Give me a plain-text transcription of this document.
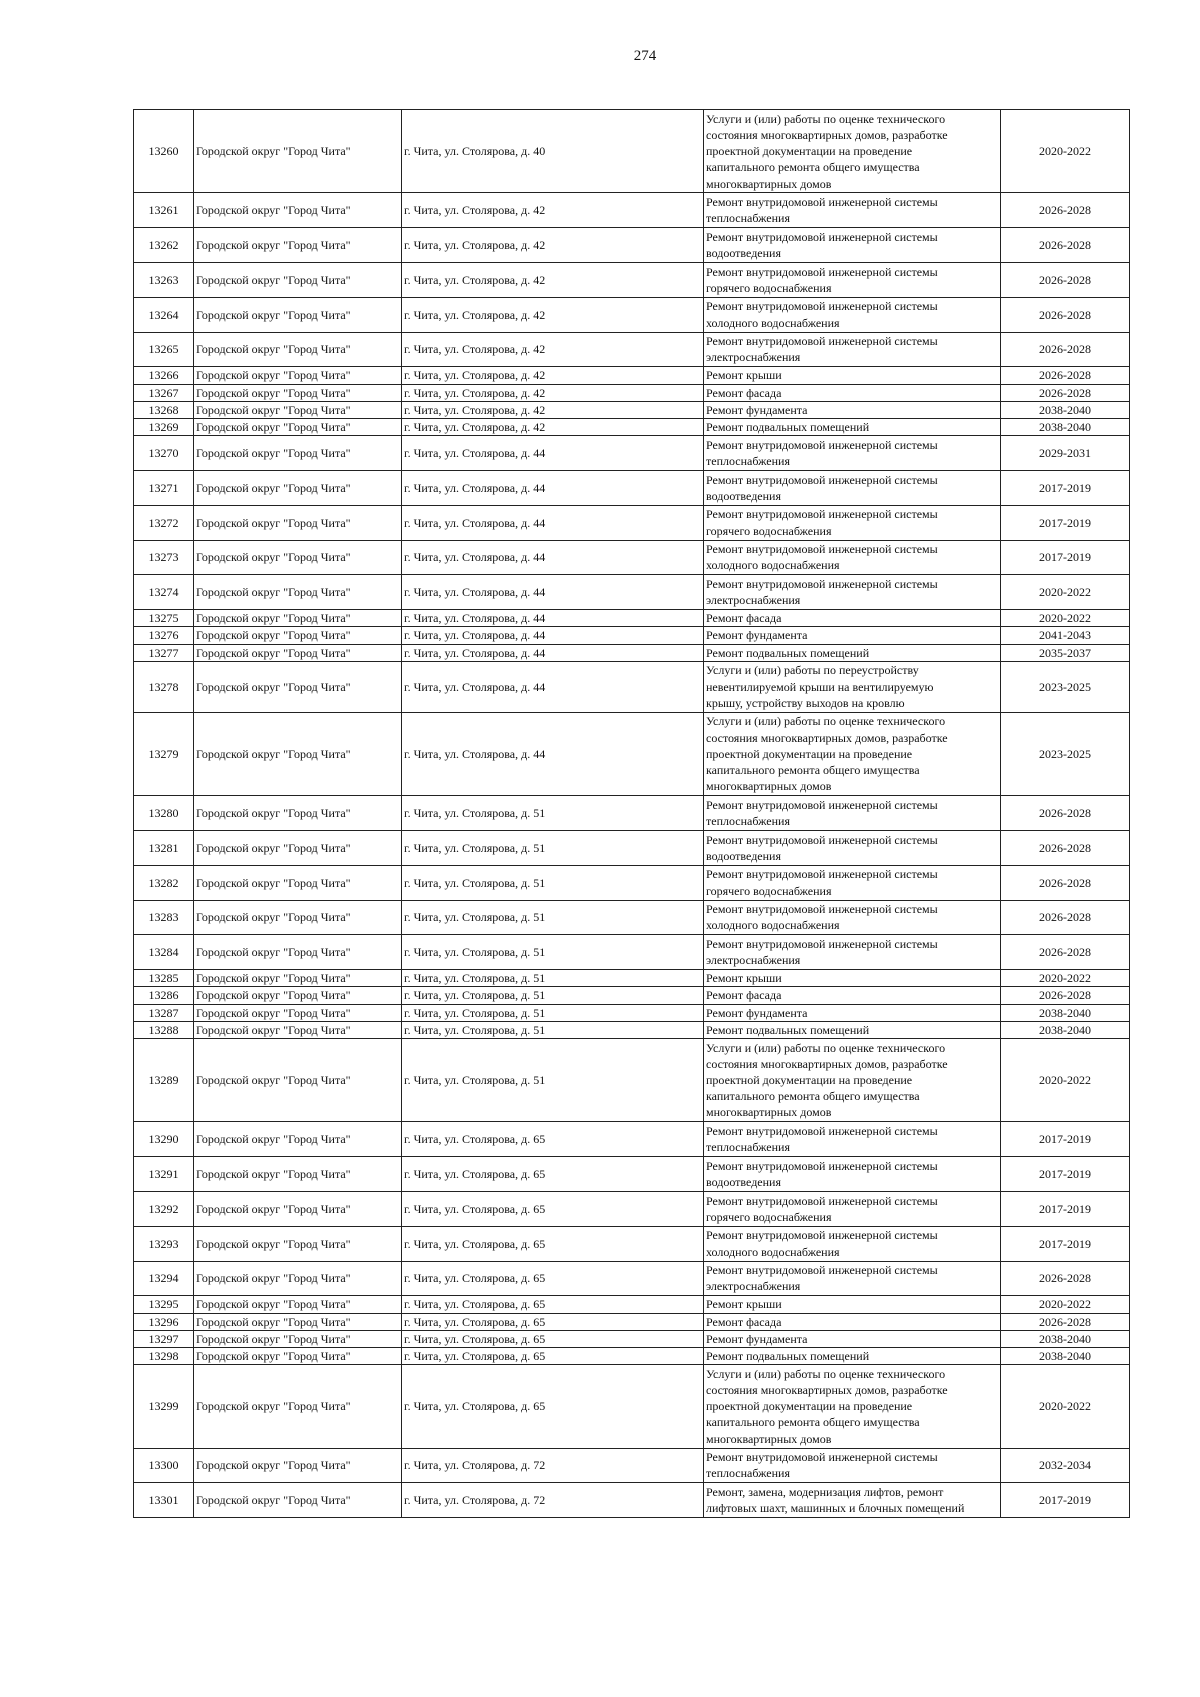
274
13260	Городской округ "Город Чита"	г. Чита, ул. Столярова, д. 40	Услуги и (или) работы по оценке технического
состояния многоквартирных домов, разработке
проектной документации на проведение
капитального ремонта общего имущества
многоквартирных домов	2020-2022
13261	Городской округ "Город Чита"	г. Чита, ул. Столярова, д. 42	Ремонт внутридомовой инженерной системы
теплоснабжения	2026-2028
13262	Городской округ "Город Чита"	г. Чита, ул. Столярова, д. 42	Ремонт внутридомовой инженерной системы
водоотведения	2026-2028
13263	Городской округ "Город Чита"	г. Чита, ул. Столярова, д. 42	Ремонт внутридомовой инженерной системы
горячего водоснабжения	2026-2028
13264	Городской округ "Город Чита"	г. Чита, ул. Столярова, д. 42	Ремонт внутридомовой инженерной системы
холодного водоснабжения	2026-2028
13265	Городской округ "Город Чита"	г. Чита, ул. Столярова, д. 42	Ремонт внутридомовой инженерной системы
электроснабжения	2026-2028
13266	Городской округ "Город Чита"	г. Чита, ул. Столярова, д. 42	Ремонт крыши	2026-2028
13267	Городской округ "Город Чита"	г. Чита, ул. Столярова, д. 42	Ремонт фасада	2026-2028
13268	Городской округ "Город Чита"	г. Чита, ул. Столярова, д. 42	Ремонт фундамента	2038-2040
13269	Городской округ "Город Чита"	г. Чита, ул. Столярова, д. 42	Ремонт подвальных помещений	2038-2040
13270	Городской округ "Город Чита"	г. Чита, ул. Столярова, д. 44	Ремонт внутридомовой инженерной системы
теплоснабжения	2029-2031
13271	Городской округ "Город Чита"	г. Чита, ул. Столярова, д. 44	Ремонт внутридомовой инженерной системы
водоотведения	2017-2019
13272	Городской округ "Город Чита"	г. Чита, ул. Столярова, д. 44	Ремонт внутридомовой инженерной системы
горячего водоснабжения	2017-2019
13273	Городской округ "Город Чита"	г. Чита, ул. Столярова, д. 44	Ремонт внутридомовой инженерной системы
холодного водоснабжения	2017-2019
13274	Городской округ "Город Чита"	г. Чита, ул. Столярова, д. 44	Ремонт внутридомовой инженерной системы
электроснабжения	2020-2022
13275	Городской округ "Город Чита"	г. Чита, ул. Столярова, д. 44	Ремонт фасада	2020-2022
13276	Городской округ "Город Чита"	г. Чита, ул. Столярова, д. 44	Ремонт фундамента	2041-2043
13277	Городской округ "Город Чита"	г. Чита, ул. Столярова, д. 44	Ремонт подвальных помещений	2035-2037
13278	Городской округ "Город Чита"	г. Чита, ул. Столярова, д. 44	Услуги и (или) работы по переустройству
невентилируемой крыши на вентилируемую
крышу, устройству выходов на кровлю	2023-2025
13279	Городской округ "Город Чита"	г. Чита, ул. Столярова, д. 44	Услуги и (или) работы по оценке технического
состояния многоквартирных домов, разработке
проектной документации на проведение
капитального ремонта общего имущества
многоквартирных домов	2023-2025
13280	Городской округ "Город Чита"	г. Чита, ул. Столярова, д. 51	Ремонт внутридомовой инженерной системы
теплоснабжения	2026-2028
13281	Городской округ "Город Чита"	г. Чита, ул. Столярова, д. 51	Ремонт внутридомовой инженерной системы
водоотведения	2026-2028
13282	Городской округ "Город Чита"	г. Чита, ул. Столярова, д. 51	Ремонт внутридомовой инженерной системы
горячего водоснабжения	2026-2028
13283	Городской округ "Город Чита"	г. Чита, ул. Столярова, д. 51	Ремонт внутридомовой инженерной системы
холодного водоснабжения	2026-2028
13284	Городской округ "Город Чита"	г. Чита, ул. Столярова, д. 51	Ремонт внутридомовой инженерной системы
электроснабжения	2026-2028
13285	Городской округ "Город Чита"	г. Чита, ул. Столярова, д. 51	Ремонт крыши	2020-2022
13286	Городской округ "Город Чита"	г. Чита, ул. Столярова, д. 51	Ремонт фасада	2026-2028
13287	Городской округ "Город Чита"	г. Чита, ул. Столярова, д. 51	Ремонт фундамента	2038-2040
13288	Городской округ "Город Чита"	г. Чита, ул. Столярова, д. 51	Ремонт подвальных помещений	2038-2040
13289	Городской округ "Город Чита"	г. Чита, ул. Столярова, д. 51	Услуги и (или) работы по оценке технического
состояния многоквартирных домов, разработке
проектной документации на проведение
капитального ремонта общего имущества
многоквартирных домов	2020-2022
13290	Городской округ "Город Чита"	г. Чита, ул. Столярова, д. 65	Ремонт внутридомовой инженерной системы
теплоснабжения	2017-2019
13291	Городской округ "Город Чита"	г. Чита, ул. Столярова, д. 65	Ремонт внутридомовой инженерной системы
водоотведения	2017-2019
13292	Городской округ "Город Чита"	г. Чита, ул. Столярова, д. 65	Ремонт внутридомовой инженерной системы
горячего водоснабжения	2017-2019
13293	Городской округ "Город Чита"	г. Чита, ул. Столярова, д. 65	Ремонт внутридомовой инженерной системы
холодного водоснабжения	2017-2019
13294	Городской округ "Город Чита"	г. Чита, ул. Столярова, д. 65	Ремонт внутридомовой инженерной системы
электроснабжения	2026-2028
13295	Городской округ "Город Чита"	г. Чита, ул. Столярова, д. 65	Ремонт крыши	2020-2022
13296	Городской округ "Город Чита"	г. Чита, ул. Столярова, д. 65	Ремонт фасада	2026-2028
13297	Городской округ "Город Чита"	г. Чита, ул. Столярова, д. 65	Ремонт фундамента	2038-2040
13298	Городской округ "Город Чита"	г. Чита, ул. Столярова, д. 65	Ремонт подвальных помещений	2038-2040
13299	Городской округ "Город Чита"	г. Чита, ул. Столярова, д. 65	Услуги и (или) работы по оценке технического
состояния многоквартирных домов, разработке
проектной документации на проведение
капитального ремонта общего имущества
многоквартирных домов	2020-2022
13300	Городской округ "Город Чита"	г. Чита, ул. Столярова, д. 72	Ремонт внутридомовой инженерной системы
теплоснабжения	2032-2034
13301	Городской округ "Город Чита"	г. Чита, ул. Столярова, д. 72	Ремонт, замена, модернизация лифтов, ремонт
лифтовых шахт, машинных и блочных помещений	2017-2019
